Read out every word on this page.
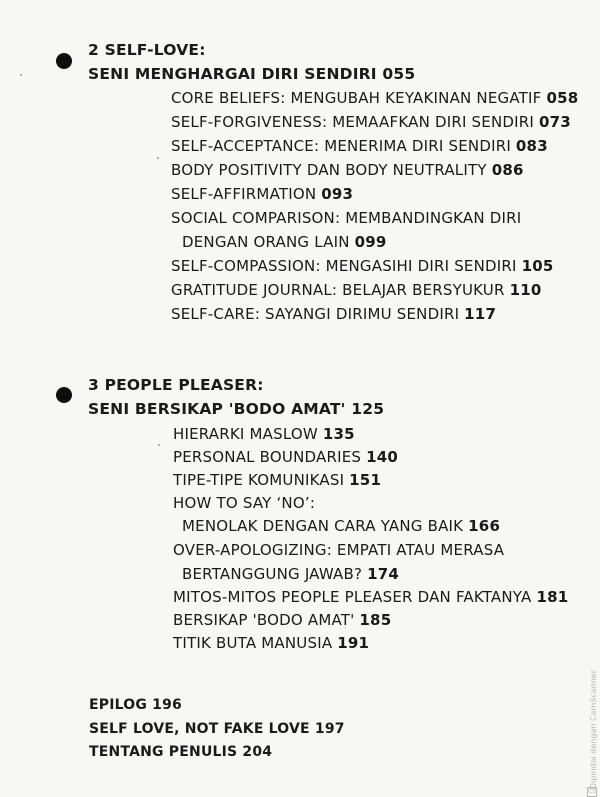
2 SELF-LOVE:
SENI MENGHARGAI DIRI SENDIRI 055
CORE BELIEFS: MENGUBAH KEYAKINAN NEGATIF 058
SELF-FORGIVENESS: MEMAAFKAN DIRI SENDIRI 073
SELF-ACCEPTANCE: MENERIMA DIRI SENDIRI 083
BODY POSITIVITY DAN BODY NEUTRALITY 086
SELF-AFFIRMATION 093
SOCIAL COMPARISON: MEMBANDINGKAN DIRI
DENGAN ORANG LAIN 099
SELF-COMPASSION: MENGASIHI DIRI SENDIRI 105
GRATITUDE JOURNAL: BELAJAR BERSYUKUR 110
SELF-CARE: SAYANGI DIRIMU SENDIRI 117
3 PEOPLE PLEASER:
SENI BERSIKAP 'BODO AMAT' 125
HIERARKI MASLOW 135
PERSONAL BOUNDARIES 140
TIPE-TIPE KOMUNIKASI 151
HOW TO SAY ‘NO’:
MENOLAK DENGAN CARA YANG BAIK 166
OVER-APOLOGIZING: EMPATI ATAU MERASA
BERTANGGUNG JAWAB? 174
MITOS-MITOS PEOPLE PLEASER DAN FAKTANYA 181
BERSIKAP 'BODO AMAT' 185
TITIK BUTA MANUSIA 191
EPILOG 196
SELF LOVE, NOT FAKE LOVE 197
TENTANG PENULIS 204	Dipindai dengan CamScanner
CS
